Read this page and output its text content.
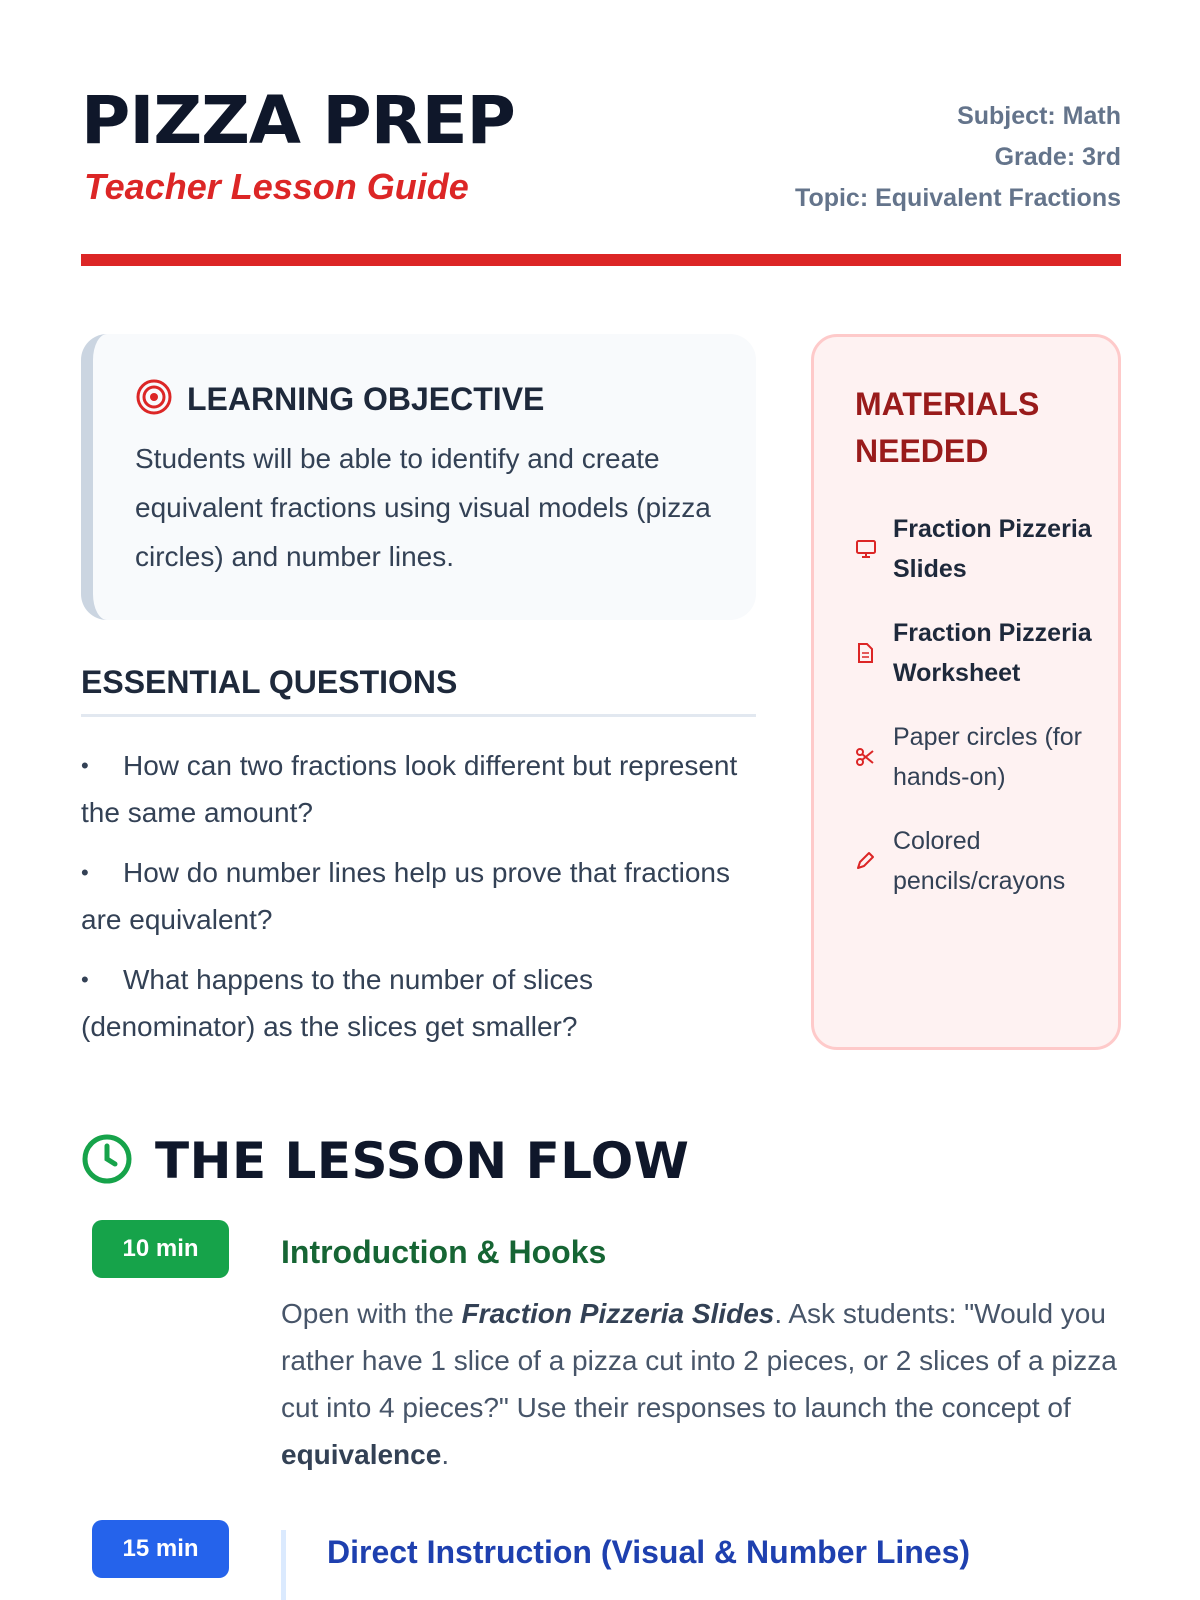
PIZZA PREP
Teacher Lesson Guide
Subject: Math
Grade: 3rd
Topic: Equivalent Fractions
LEARNING OBJECTIVE

Students will be able to identify and create equivalent fractions using visual models (pizza circles) and number lines.

ESSENTIAL QUESTIONS
• How can two fractions look different but represent the same amount?
• How do number lines help us prove that fractions are equivalent?
• What happens to the number of slices (denominator) as the slices get smaller?
MATERIALS NEEDED
Fraction Pizzeria Slides
Fraction Pizzeria Worksheet
Paper circles (for hands-on)
Colored pencils/crayons
THE LESSON FLOW
10 min	Introduction & Hooks

Open with the Fraction Pizzeria Slides. Ask students: "Would you rather have 1 slice of a pizza cut into 2 pieces, or 2 slices of a pizza cut into 4 pieces?" Use their responses to launch the concept of equivalence.

15 min	Direct Instruction (Visual & Number Lines)
